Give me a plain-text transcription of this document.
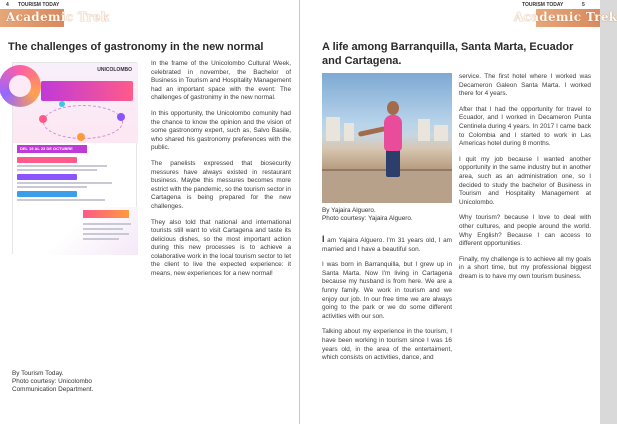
4 TOURISM TODAY
Academic Trek
The challenges of gastronomy in the new normal
UNICOLOMBO
DEL 19 AL 23 DE OCTUBRE
By Tourism Today.
Photo courtesy: Unicolombo
Communication Department.

In the frame of the Unicolombo Cultural Week, celebrated in november, the Bachelor of Business in Tourism and Hospitality Management had an important space with the event: The challenges of gastronimy in the new normal.

In this opportunity, the Unicolombo comunity had the chance to know the opinion and the vision of some gastronomy expert, such as, Salvo Basile, who shared his gastronomy preferences with the public.

The panelists expressed that biosecurity messures have always existed in restaurant business. Maybe this messures becomes more estrict with the pandemic, so the tourism sector in Cartagena is being prepared for the new challenges.

They also told that national and international tourists still want to visit Cartagena and taste its delicious dishes, so the most important action during this new processes is to achieve a colaborative work in the local tourism sector to let the client to live the expected experience: it means, new experiences for a new normal!

TOURISM TODAY	5
Academic Trek
A life among Barranquilla, Santa Marta, Ecuador
and Cartagena.
By Yajaira Alguero.
Photo courtesy: Yajaira Alguero.

I am Yajaira Alguero. I'm 31 years old, I am married and I have a beautiful son.

I was born in Barranquilla, but I grew up in Santa Marta. Now I'm living in Cartagena because my husband is from here. We are a funny family. We work in tourism and we enjoy our job. In our free time we are always going to the park or we do some different activities with our son.

Talking about my experience in the tourism, I have been working in tourism since I was 16 years old, in the area of the entertaiment, which consists on activities, dance, and

service. The first hotel where I worked was Decameron Galeon Santa Marta. I worked there for 4 years.

After that I had the opportunity for travel to Ecuador, and I worked in Decameron Punta Centinela during 4 years. In 2017 I came back to Colombia and I started to work in Las Americas hotel during 8 months.

I quit my job because I wanted another opportunity in the same industry but in another area, such as an administration one, so I decided to study the bachelor of Business in Tourism and Hospitality Management at Unicolombo.

Why tourism? because I love to deal with other cultures, and people around the world. Why English? Because I can access to different opportunities.

Finally, my challenge is to achieve all my goals in a short time, but my professional biggest dream is to have my own tourism business.
